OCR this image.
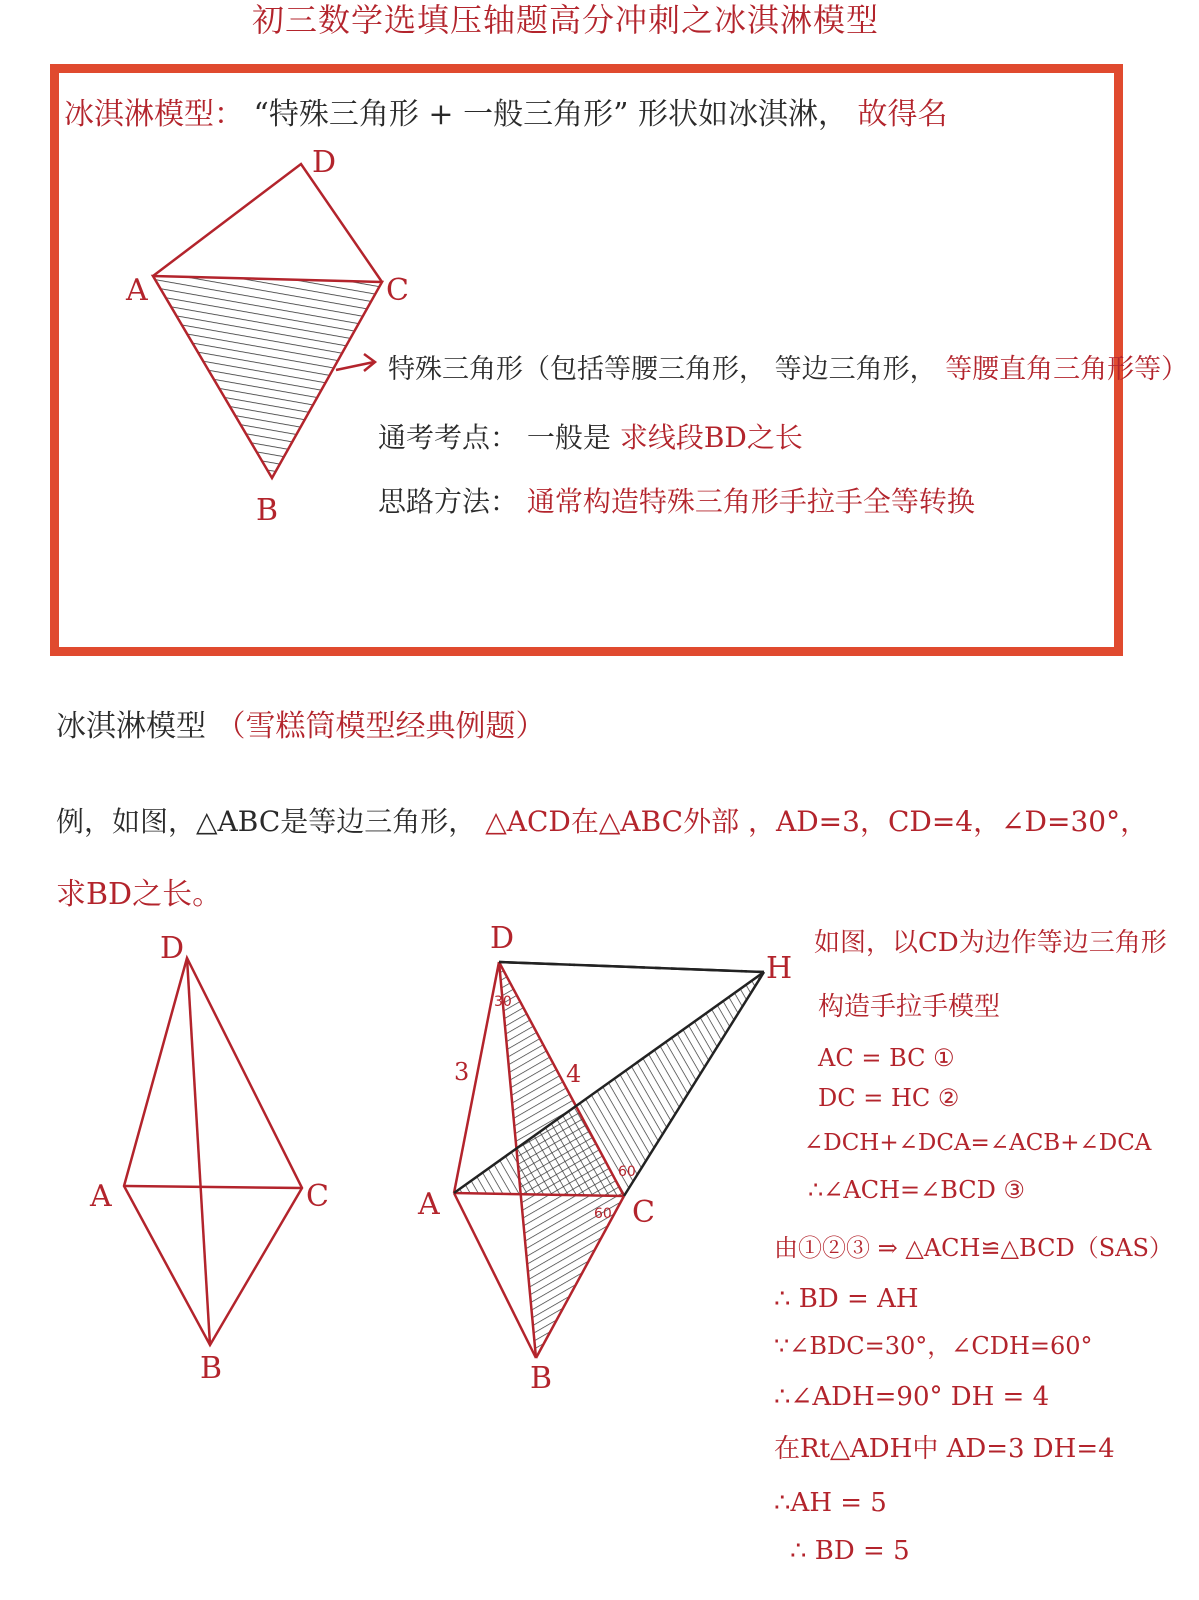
初三数学选填压轴题高分冲刺之冰淇淋模型
冰淇淋模型： “特殊三角形 + 一般三角形” 形状如冰淇淋， 故得名
特殊三角形（包括等腰三角形， 等边三角形， 等腰直角三角形等）
通考考点： 一般是 求线段BD之长
思路方法： 通常构造特殊三角形手拉手全等转换
冰淇淋模型 （雪糕筒模型经典例题）
例，如图，△ABC是等边三角形， △ACD在△ABC外部 ，AD=3，CD=4，∠D=30°，
求BD之长。
如图，以CD为边作等边三角形
构造手拉手模型
AC = BC ①
DC = HC ②
∠DCH+∠DCA=∠ACB+∠DCA
∴∠ACH=∠BCD ③
由①②③ ⇒ △ACH≌△BCD（SAS）
∴ BD = AH
∵∠BDC=30°，∠CDH=60°
∴∠ADH=90° DH = 4
在Rt△ADH中 AD=3 DH=4
∴AH = 5
∴ BD = 5
A	C
D
B
D
A	C
B
D
A	C
B
H
3	4
30
60
60
